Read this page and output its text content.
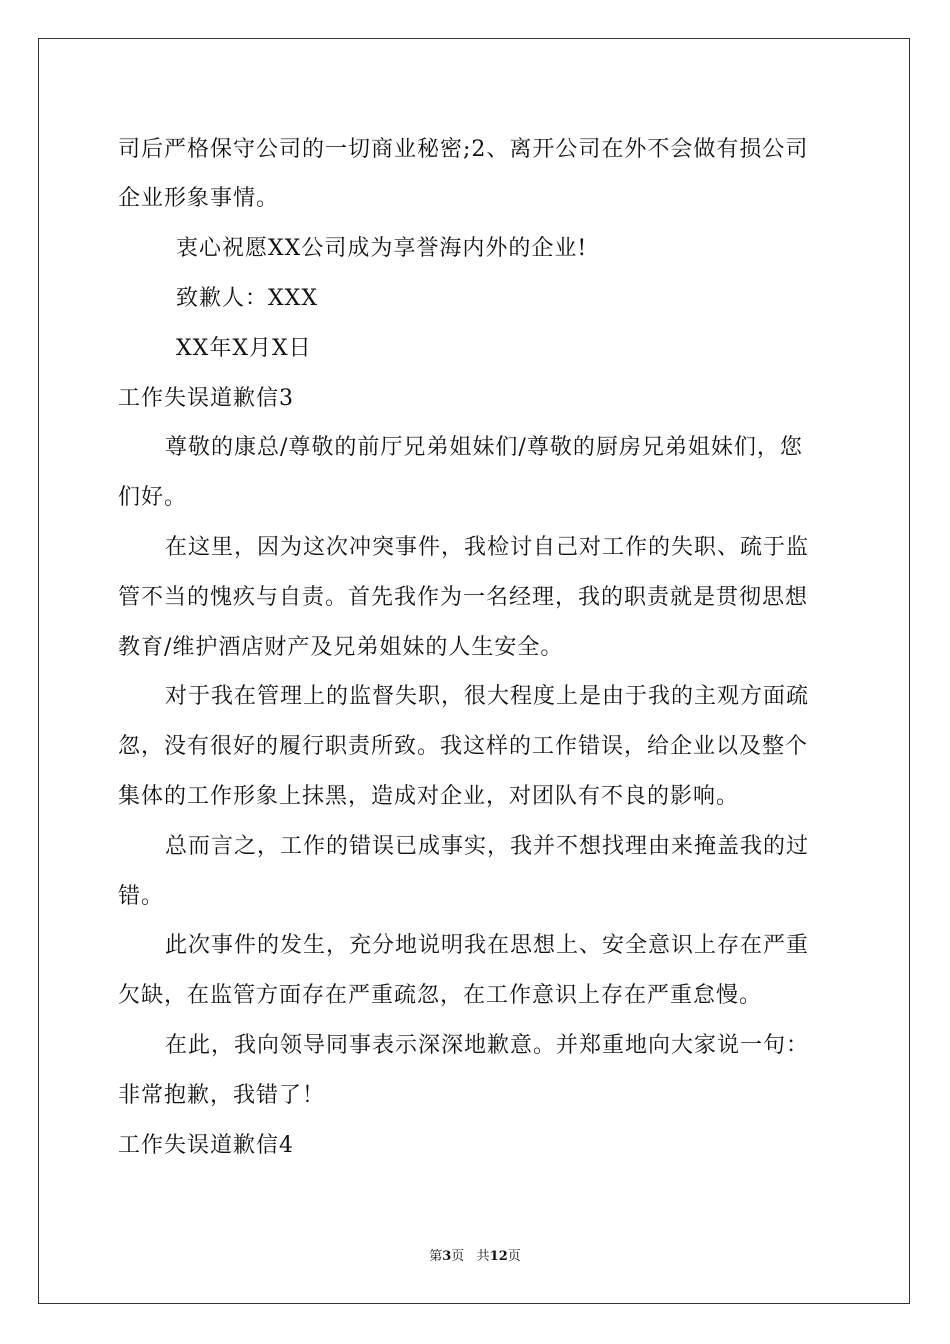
司后严格保守公司的一切商业秘密;2、离开公司在外不会做有损公司
企业形象事情。
衷心祝愿XX公司成为享誉海内外的企业!
致歉人：XXX
XX年X月X日
工作失误道歉信3
尊敬的康总/尊敬的前厅兄弟姐妹们/尊敬的厨房兄弟姐妹们，您
们好。
在这里，因为这次冲突事件，我检讨自己对工作的失职、疏于监
管不当的愧疚与自责。首先我作为一名经理，我的职责就是贯彻思想
教育/维护酒店财产及兄弟姐妹的人生安全。
对于我在管理上的监督失职，很大程度上是由于我的主观方面疏
忽，没有很好的履行职责所致。我这样的工作错误，给企业以及整个
集体的工作形象上抹黑，造成对企业，对团队有不良的影响。
总而言之，工作的错误已成事实，我并不想找理由来掩盖我的过
错。
此次事件的发生，充分地说明我在思想上、安全意识上存在严重
欠缺，在监管方面存在严重疏忽，在工作意识上存在严重怠慢。
在此，我向领导同事表示深深地歉意。并郑重地向大家说一句：
非常抱歉，我错了！
工作失误道歉信4
第3页 共12页
